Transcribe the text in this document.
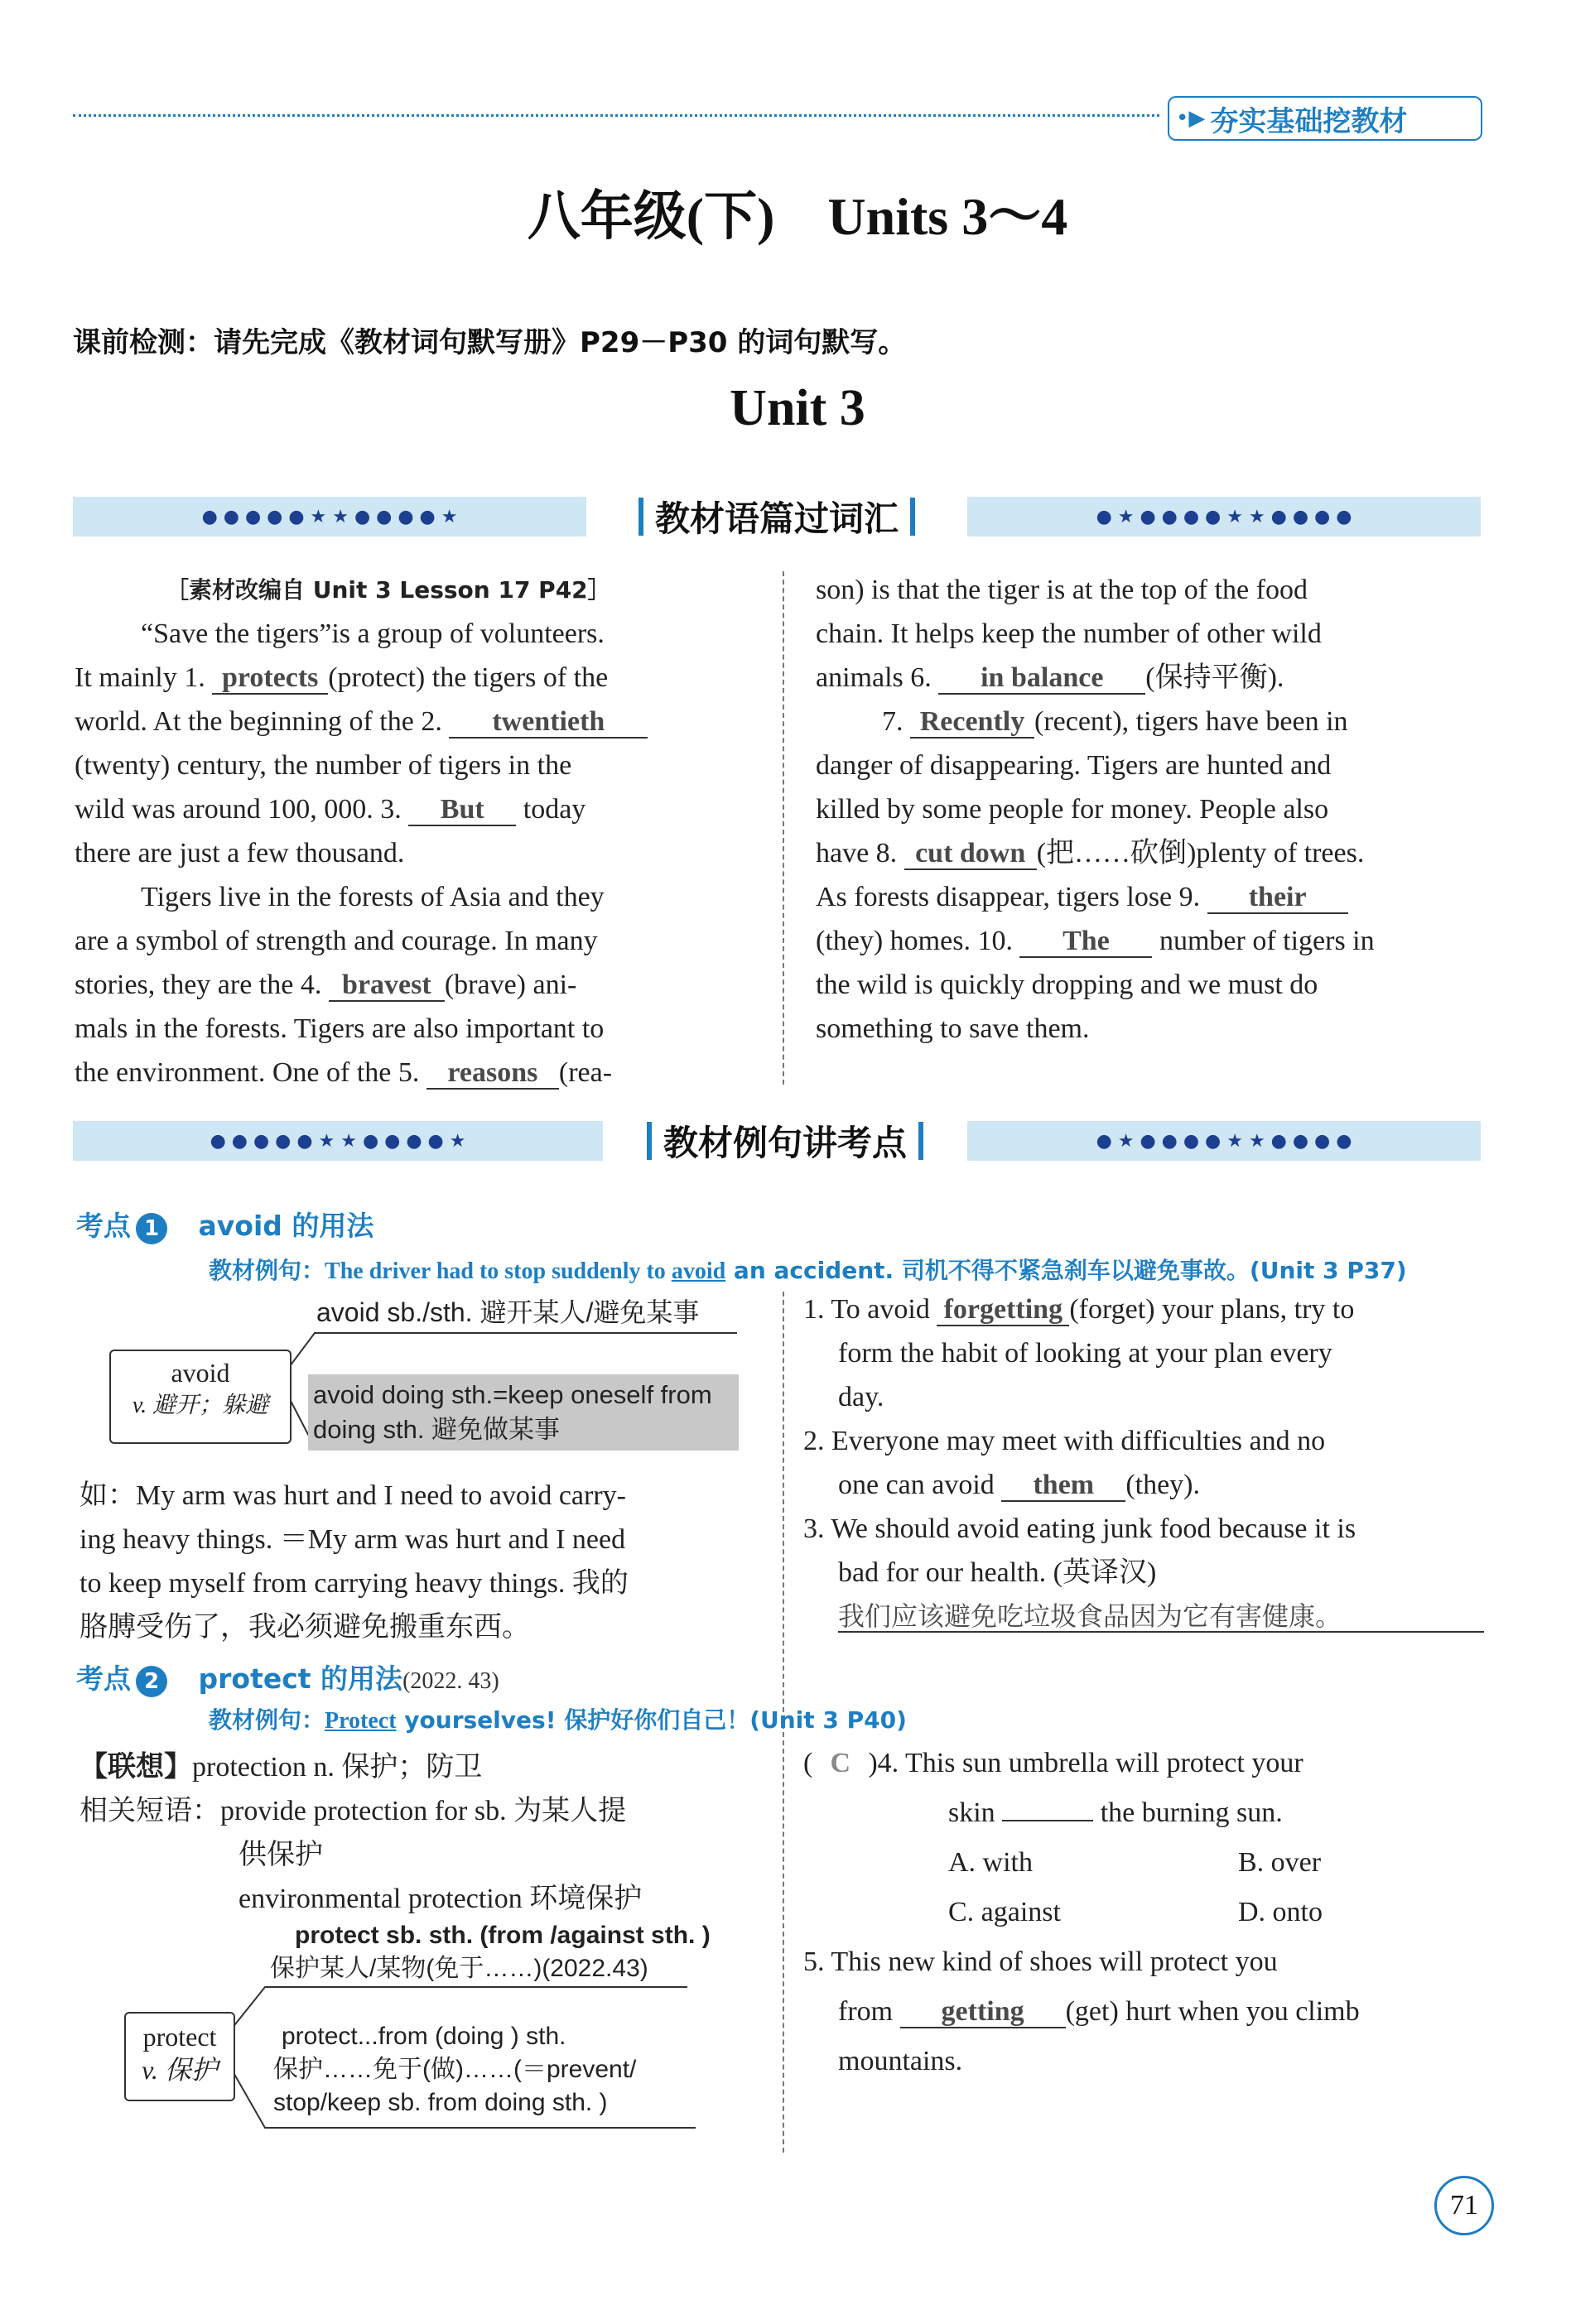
•▶ 夯实基础挖教材
八年级(下)　Units 3～4
课前检测：请先完成《教材词句默写册》P29－P30 的词句默写。
Unit 3
● ● ● ● ● ★ ★ ● ● ● ● ★	● ★ ● ● ● ● ★ ★ ● ● ● ●
教材语篇过词汇
［素材改编自 Unit 3 Lesson 17 P42］
“Save the tigers”is a group of volunteers.
It mainly 1. protects (protect) the tigers of the
world. At the beginning of the 2. twentieth
(twenty) century, the number of tigers in the
wild was around 100, 000. 3. But today
there are just a few thousand.
Tigers live in the forests of Asia and they
are a symbol of strength and courage. In many
stories, they are the 4. bravest (brave) ani-
mals in the forests. Tigers are also important to
the environment. One of the 5. reasons (rea-
son) is that the tiger is at the top of the food
chain. It helps keep the number of other wild
animals 6. in balance (保持平衡).
7. Recently (recent), tigers have been in
danger of disappearing. Tigers are hunted and
killed by some people for money. People also
have 8. cut down (把……砍倒)plenty of trees.
As forests disappear, tigers lose 9. their
(they) homes. 10. The number of tigers in
the wild is quickly dropping and we must do
something to save them.
● ● ● ● ● ★ ★ ● ● ● ● ★	● ★ ● ● ● ● ★ ★ ● ● ● ●
教材例句讲考点
考点 1 avoid 的用法
教材例句：The driver had to stop suddenly to avoid an accident. 司机不得不紧急刹车以避免事故。(Unit 3 P37)
avoid
v. 避开；躲避
avoid sb./sth. 避开某人/避免某事
avoid doing sth.=keep oneself from
doing sth. 避免做某事
如：My arm was hurt and I need to avoid carry-
ing heavy things. ＝My arm was hurt and I need
to keep myself from carrying heavy things. 我的
胳膊受伤了，我必须避免搬重东西。
1. To avoid forgetting (forget) your plans, try to
form the habit of looking at your plan every
day.
2. Everyone may meet with difficulties and no
one can avoid them (they).
3. We should avoid eating junk food because it is
bad for our health. (英译汉)
我们应该避免吃垃圾食品因为它有害健康。
考点 2 protect 的用法(2022. 43)
教材例句：Protect yourselves! 保护好你们自己！(Unit 3 P40)
【联想】protection n. 保护；防卫
相关短语：provide protection for sb. 为某人提
供保护
environmental protection 环境保护
protect sb. sth. (from /against sth. )
保护某人/某物(免于……)(2022.43)
protect
v. 保护
protect...from (doing ) sth.
保护……免于(做)……(＝prevent/
stop/keep sb. from doing sth. )
( C )4. This sun umbrella will protect your
skin	the burning sun.
A. with	B. over
C. against	D. onto
5. This new kind of shoes will protect you
from getting (get) hurt when you climb
mountains.
71
